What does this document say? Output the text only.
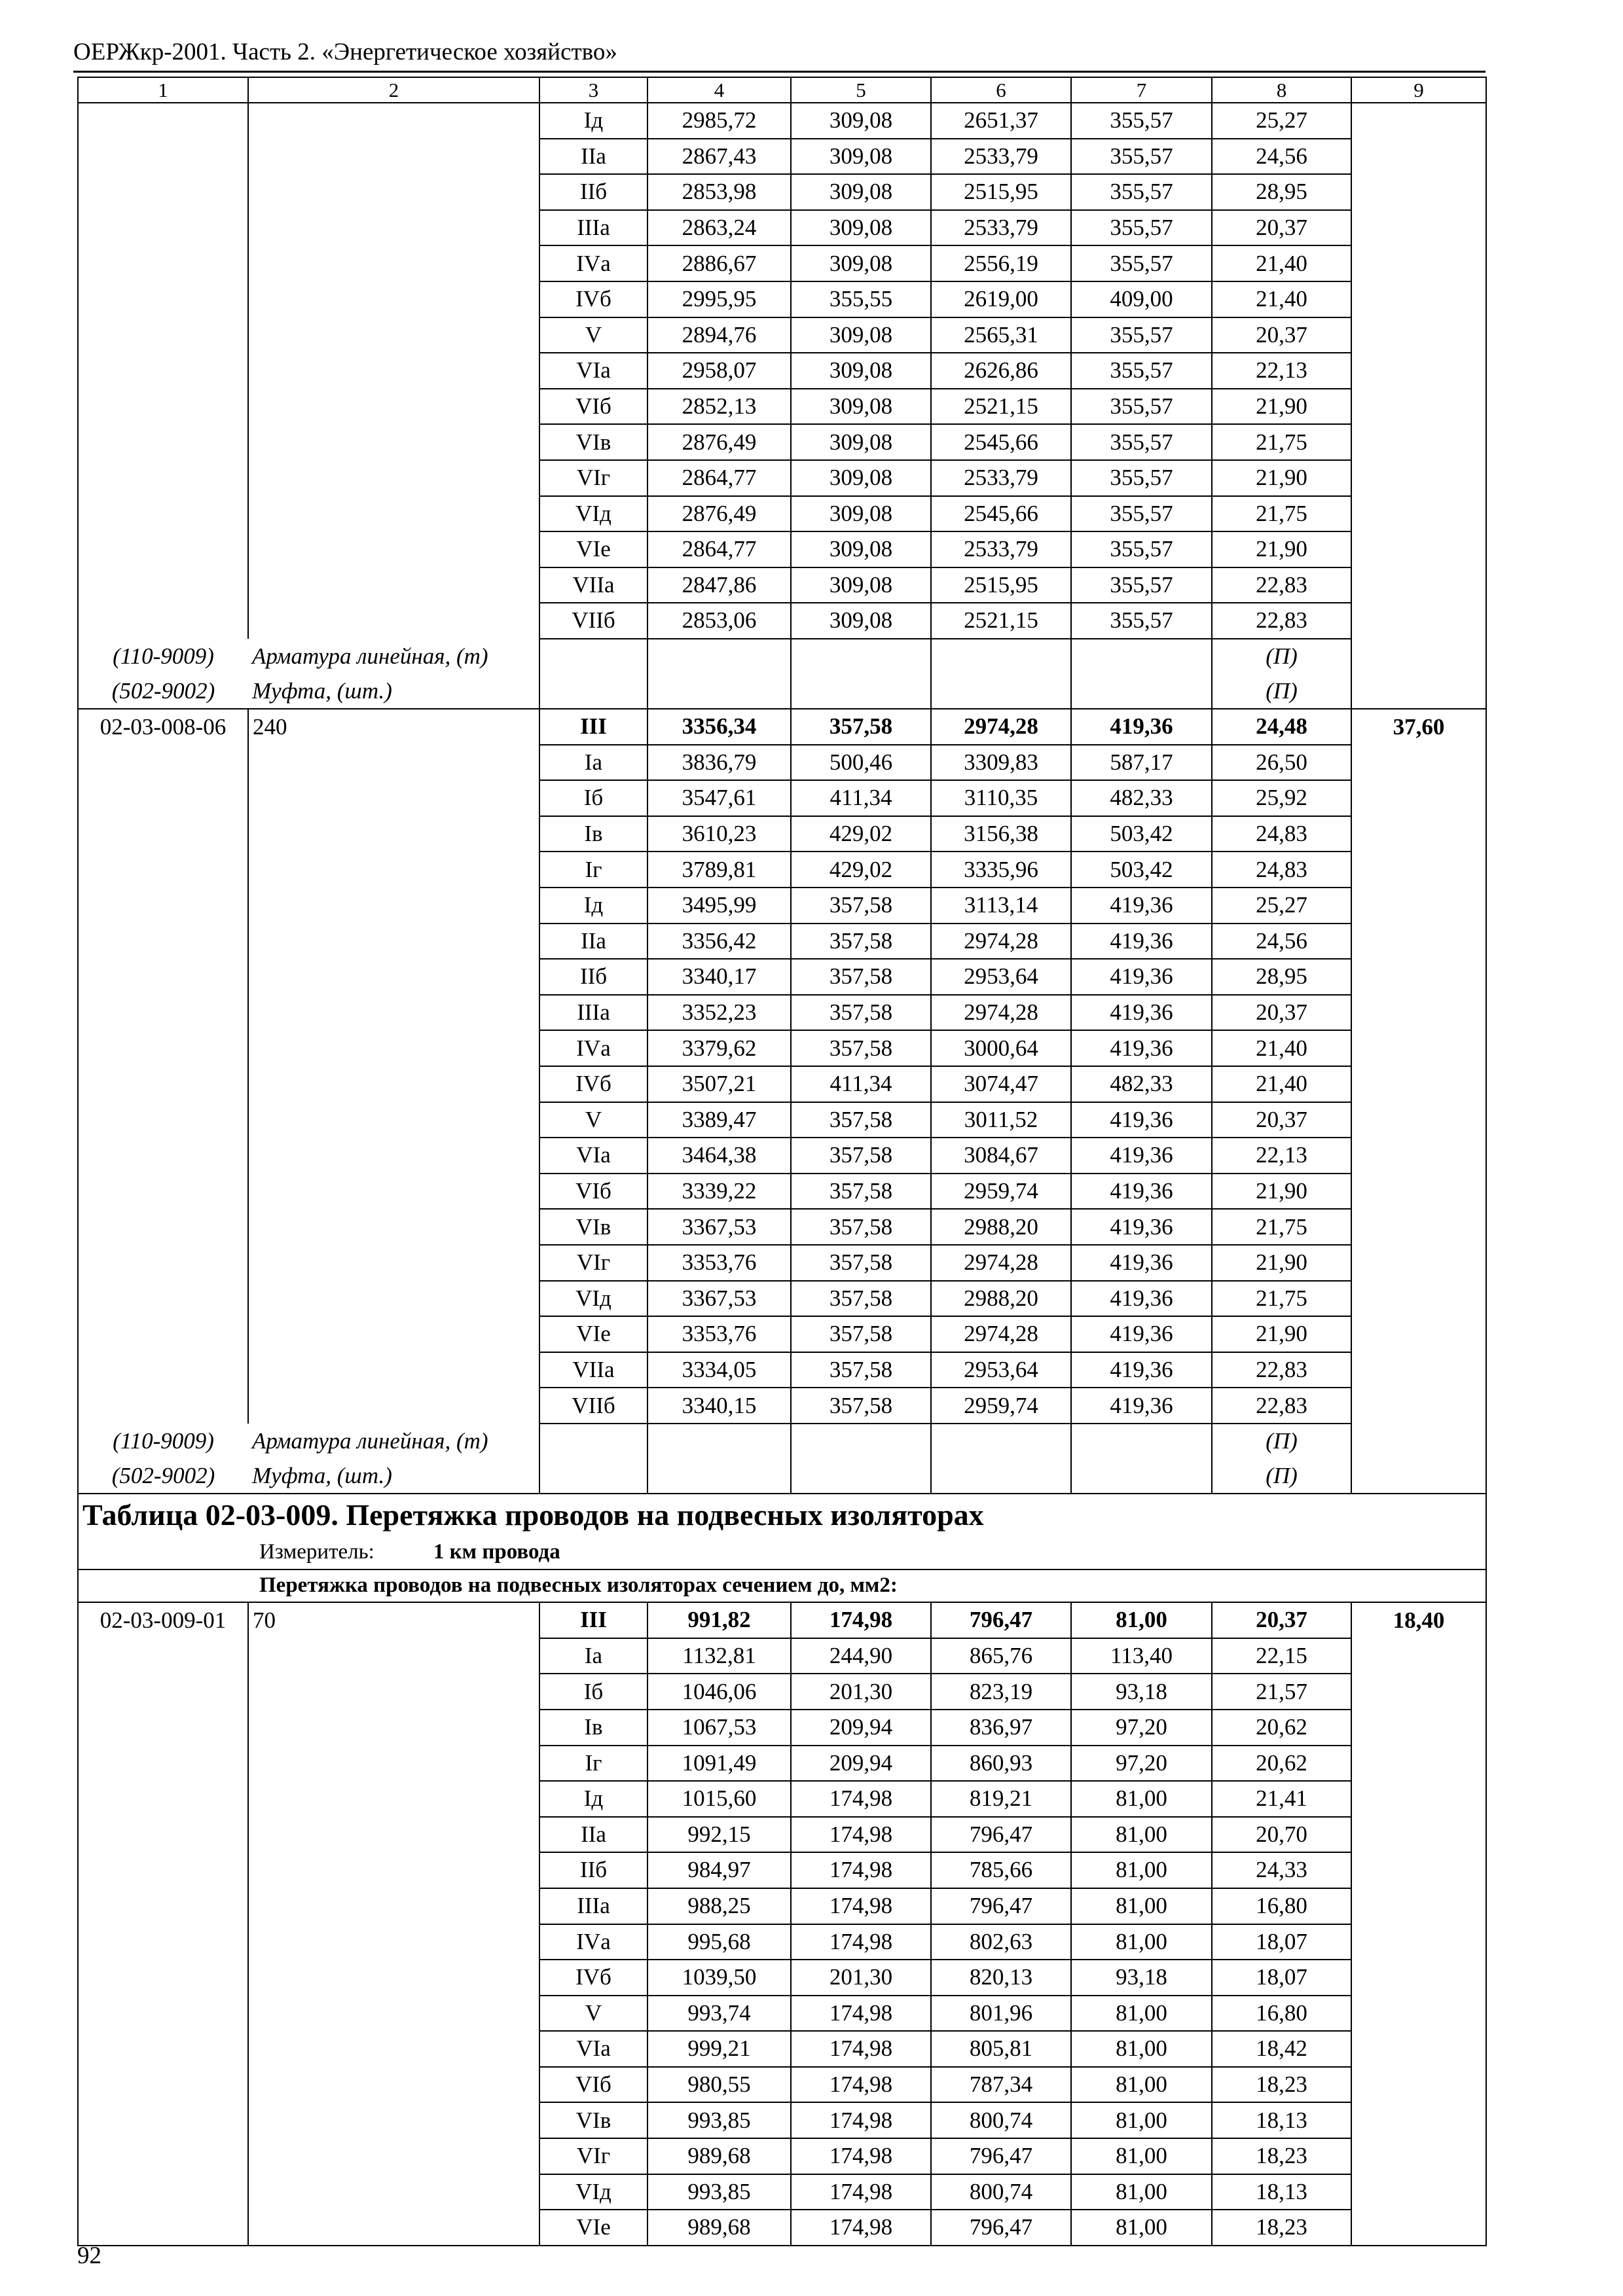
ОЕРЖкр-2001. Часть 2. «Энергетическое хозяйство»
1	2	3	4	5	6	7	8	9
		Iд	2985,72	309,08	2651,37	355,57	25,27	
		IIа	2867,43	309,08	2533,79	355,57	24,56	
		IIб	2853,98	309,08	2515,95	355,57	28,95	
		IIIа	2863,24	309,08	2533,79	355,57	20,37	
		IVа	2886,67	309,08	2556,19	355,57	21,40	
		IVб	2995,95	355,55	2619,00	409,00	21,40	
		V	2894,76	309,08	2565,31	355,57	20,37	
		VIа	2958,07	309,08	2626,86	355,57	22,13	
		VIб	2852,13	309,08	2521,15	355,57	21,90	
		VIв	2876,49	309,08	2545,66	355,57	21,75	
		VIг	2864,77	309,08	2533,79	355,57	21,90	
		VIд	2876,49	309,08	2545,66	355,57	21,75	
		VIе	2864,77	309,08	2533,79	355,57	21,90	
		VIIа	2847,86	309,08	2515,95	355,57	22,83	
		VIIб	2853,06	309,08	2521,15	355,57	22,83	
(110-9009)	Арматура линейная, (т)						(П)	
(502-9002)	Муфта, (шт.)						(П)	
02-03-008-06	240	III	3356,34	357,58	2974,28	419,36	24,48	37,60
		Iа	3836,79	500,46	3309,83	587,17	26,50	
		Iб	3547,61	411,34	3110,35	482,33	25,92	
		Iв	3610,23	429,02	3156,38	503,42	24,83	
		Iг	3789,81	429,02	3335,96	503,42	24,83	
		Iд	3495,99	357,58	3113,14	419,36	25,27	
		IIа	3356,42	357,58	2974,28	419,36	24,56	
		IIб	3340,17	357,58	2953,64	419,36	28,95	
		IIIа	3352,23	357,58	2974,28	419,36	20,37	
		IVа	3379,62	357,58	3000,64	419,36	21,40	
		IVб	3507,21	411,34	3074,47	482,33	21,40	
		V	3389,47	357,58	3011,52	419,36	20,37	
		VIа	3464,38	357,58	3084,67	419,36	22,13	
		VIб	3339,22	357,58	2959,74	419,36	21,90	
		VIв	3367,53	357,58	2988,20	419,36	21,75	
		VIг	3353,76	357,58	2974,28	419,36	21,90	
		VIд	3367,53	357,58	2988,20	419,36	21,75	
		VIе	3353,76	357,58	2974,28	419,36	21,90	
		VIIа	3334,05	357,58	2953,64	419,36	22,83	
		VIIб	3340,15	357,58	2959,74	419,36	22,83	
(110-9009)	Арматура линейная, (т)						(П)	
(502-9002)	Муфта, (шт.)						(П)	
Таблица 02-03-009. Перетяжка проводов на подвесных изоляторах								
Измеритель: 1 км провода								
Перетяжка проводов на подвесных изоляторах сечением до, мм2:								
02-03-009-01	70	III	991,82	174,98	796,47	81,00	20,37	18,40
		Iа	1132,81	244,90	865,76	113,40	22,15	
		Iб	1046,06	201,30	823,19	93,18	21,57	
		Iв	1067,53	209,94	836,97	97,20	20,62	
		Iг	1091,49	209,94	860,93	97,20	20,62	
		Iд	1015,60	174,98	819,21	81,00	21,41	
		IIа	992,15	174,98	796,47	81,00	20,70	
		IIб	984,97	174,98	785,66	81,00	24,33	
		IIIа	988,25	174,98	796,47	81,00	16,80	
		IVа	995,68	174,98	802,63	81,00	18,07	
		IVб	1039,50	201,30	820,13	93,18	18,07	
		V	993,74	174,98	801,96	81,00	16,80	
		VIа	999,21	174,98	805,81	81,00	18,42	
		VIб	980,55	174,98	787,34	81,00	18,23	
		VIв	993,85	174,98	800,74	81,00	18,13	
		VIг	989,68	174,98	796,47	81,00	18,23	
		VIд	993,85	174,98	800,74	81,00	18,13	
		VIе	989,68	174,98	796,47	81,00	18,23	
92
